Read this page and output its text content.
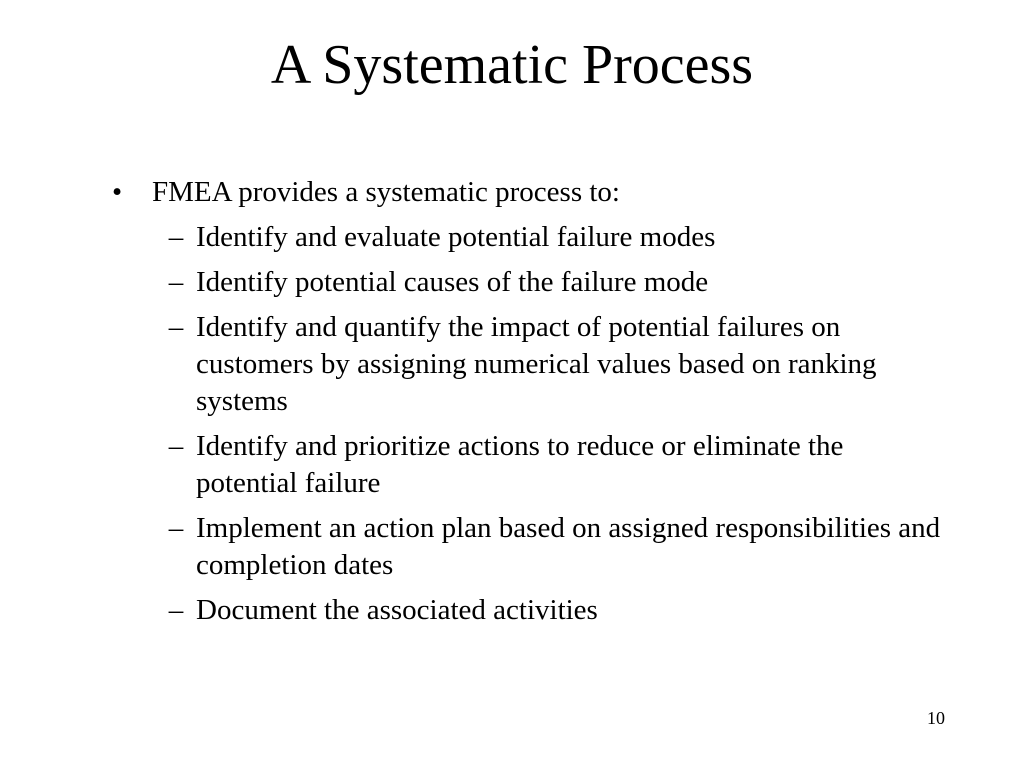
A Systematic Process
•	FMEA provides a systematic process to:
– Identify and evaluate potential failure modes
– Identify potential causes of the failure mode
– Identify and quantify the impact of potential failures on customers by assigning numerical values based on ranking systems
– Identify and prioritize actions to reduce or eliminate the potential failure
– Implement an action plan based on assigned responsibilities and completion dates
– Document the associated activities
10
